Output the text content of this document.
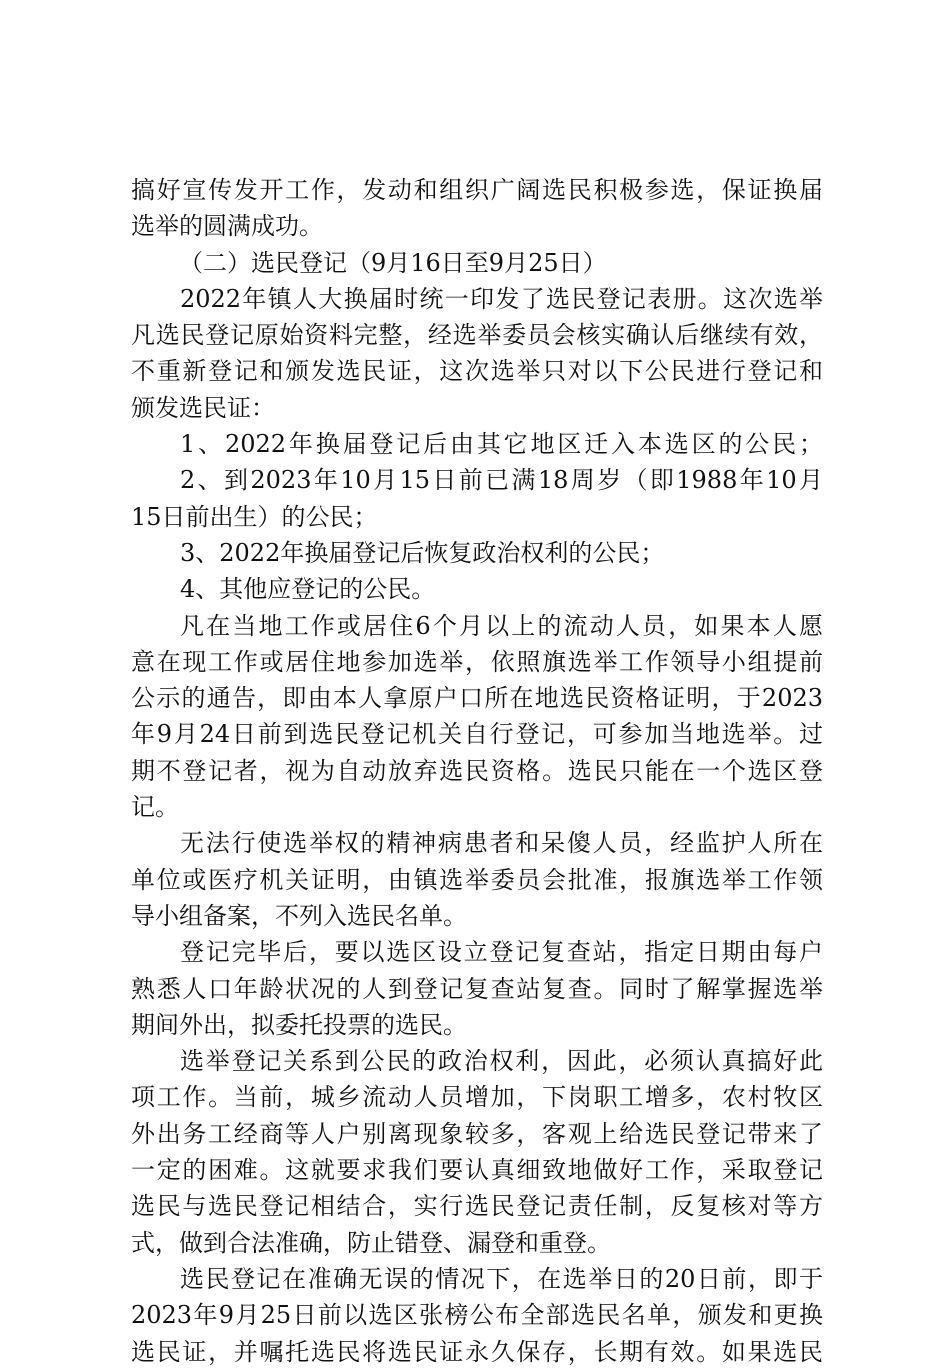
搞好宣传发开工作，发动和组织广阔选民积极参选，保证换届
选举的圆满成功。
（二）选民登记（9月16日至9月25日）
2022年镇人大换届时统一印发了选民登记表册。这次选举
凡选民登记原始资料完整，经选举委员会核实确认后继续有效，
不重新登记和颁发选民证，这次选举只对以下公民进行登记和
颁发选民证：
1、2022年换届登记后由其它地区迁入本选区的公民；
2、到2023年10月15日前已满18周岁（即1988年10月
15日前出生）的公民；
3、2022年换届登记后恢复政治权利的公民；
4、其他应登记的公民。
凡在当地工作或居住6个月以上的流动人员，如果本人愿
意在现工作或居住地参加选举，依照旗选举工作领导小组提前
公示的通告，即由本人拿原户口所在地选民资格证明，于2023
年9月24日前到选民登记机关自行登记，可参加当地选举。过
期不登记者，视为自动放弃选民资格。选民只能在一个选区登
记。
无法行使选举权的精神病患者和呆傻人员，经监护人所在
单位或医疗机关证明，由镇选举委员会批准，报旗选举工作领
导小组备案，不列入选民名单。
登记完毕后，要以选区设立登记复查站，指定日期由每户
熟悉人口年龄状况的人到登记复查站复查。同时了解掌握选举
期间外出，拟委托投票的选民。
选举登记关系到公民的政治权利，因此，必须认真搞好此
项工作。当前，城乡流动人员增加，下岗职工增多，农村牧区
外出务工经商等人户别离现象较多，客观上给选民登记带来了
一定的困难。这就要求我们要认真细致地做好工作，采取登记
选民与选民登记相结合，实行选民登记责任制，反复核对等方
式，做到合法准确，防止错登、漏登和重登。
选民登记在准确无误的情况下，在选举日的20日前，即于
2023年9月25日前以选区张榜公布全部选民名单，颁发和更换
选民证，并嘱托选民将选民证永久保存，长期有效。如果选民
